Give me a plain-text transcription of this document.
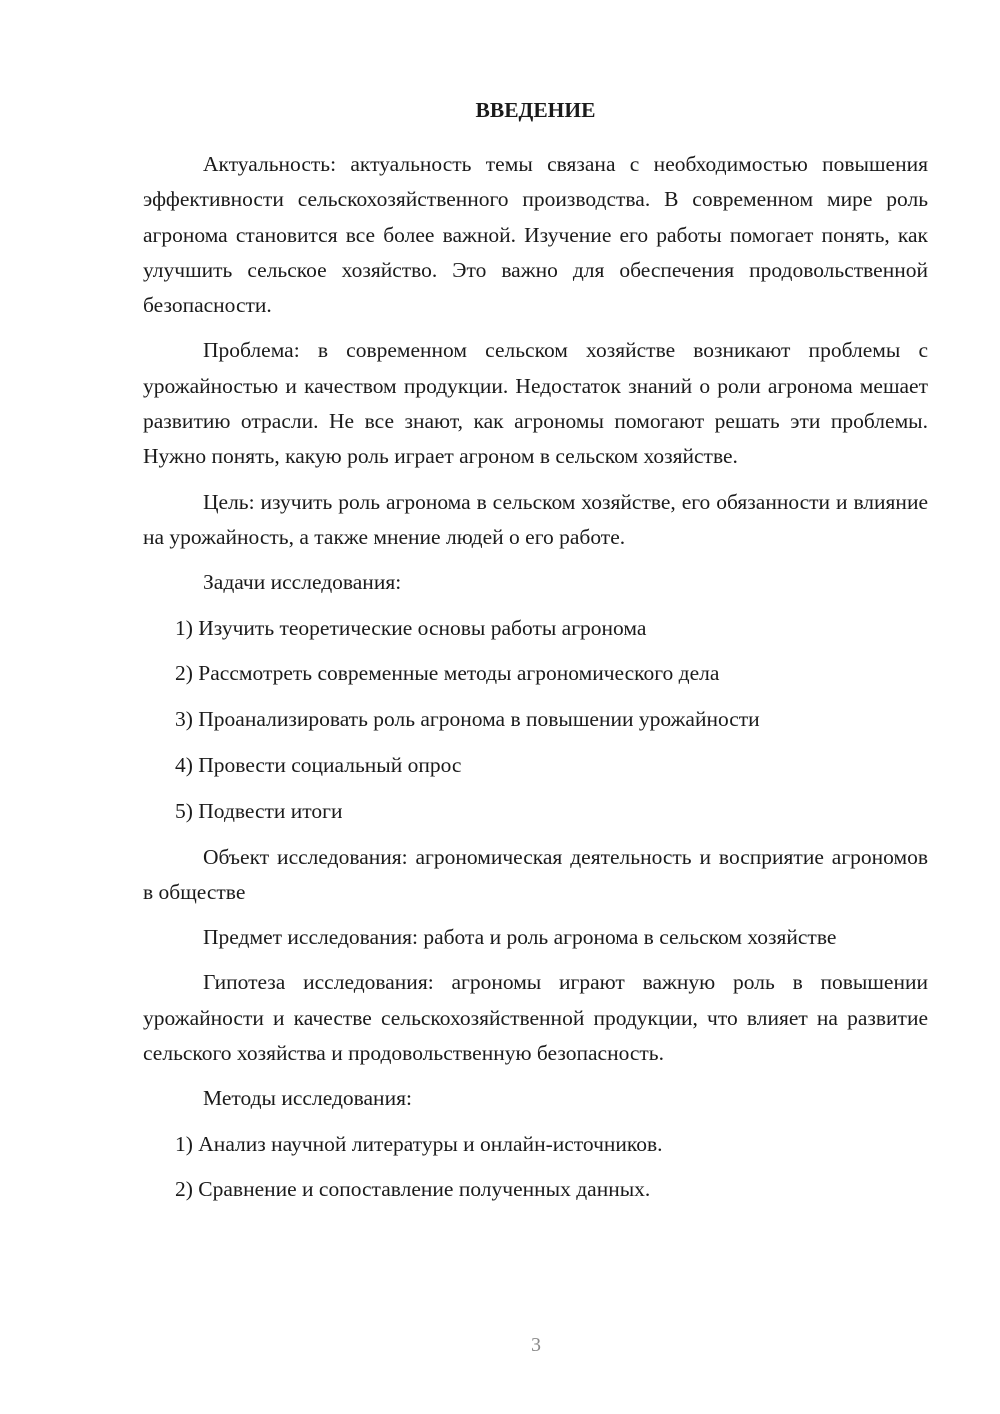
ВВЕДЕНИЕ

Актуальность: актуальность темы связана с необходимостью повышения эффективности сельскохозяйственного производства. В современном мире роль агронома становится все более важной. Изучение его работы помогает понять, как улучшить сельское хозяйство. Это важно для обеспечения продовольственной безопасности.

Проблема: в современном сельском хозяйстве возникают проблемы с урожайностью и качеством продукции. Недостаток знаний о роли агронома мешает развитию отрасли. Не все знают, как агрономы помогают решать эти проблемы. Нужно понять, какую роль играет агроном в сельском хозяйстве.

Цель: изучить роль агронома в сельском хозяйстве, его обязанности и влияние на урожайность, а также мнение людей о его работе.

Задачи исследования:

1) Изучить теоретические основы работы агронома
2) Рассмотреть современные методы агрономического дела
3) Проанализировать роль агронома в повышении урожайности
4) Провести социальный опрос
5) Подвести итоги

Объект исследования: агрономическая деятельность и восприятие агрономов в обществе

Предмет исследования: работа и роль агронома в сельском хозяйстве

Гипотеза исследования: агрономы играют важную роль в повышении урожайности и качестве сельскохозяйственной продукции, что влияет на развитие сельского хозяйства и продовольственную безопасность.

Методы исследования:

1) Анализ научной литературы и онлайн-источников.
2) Сравнение и сопоставление полученных данных.
3
